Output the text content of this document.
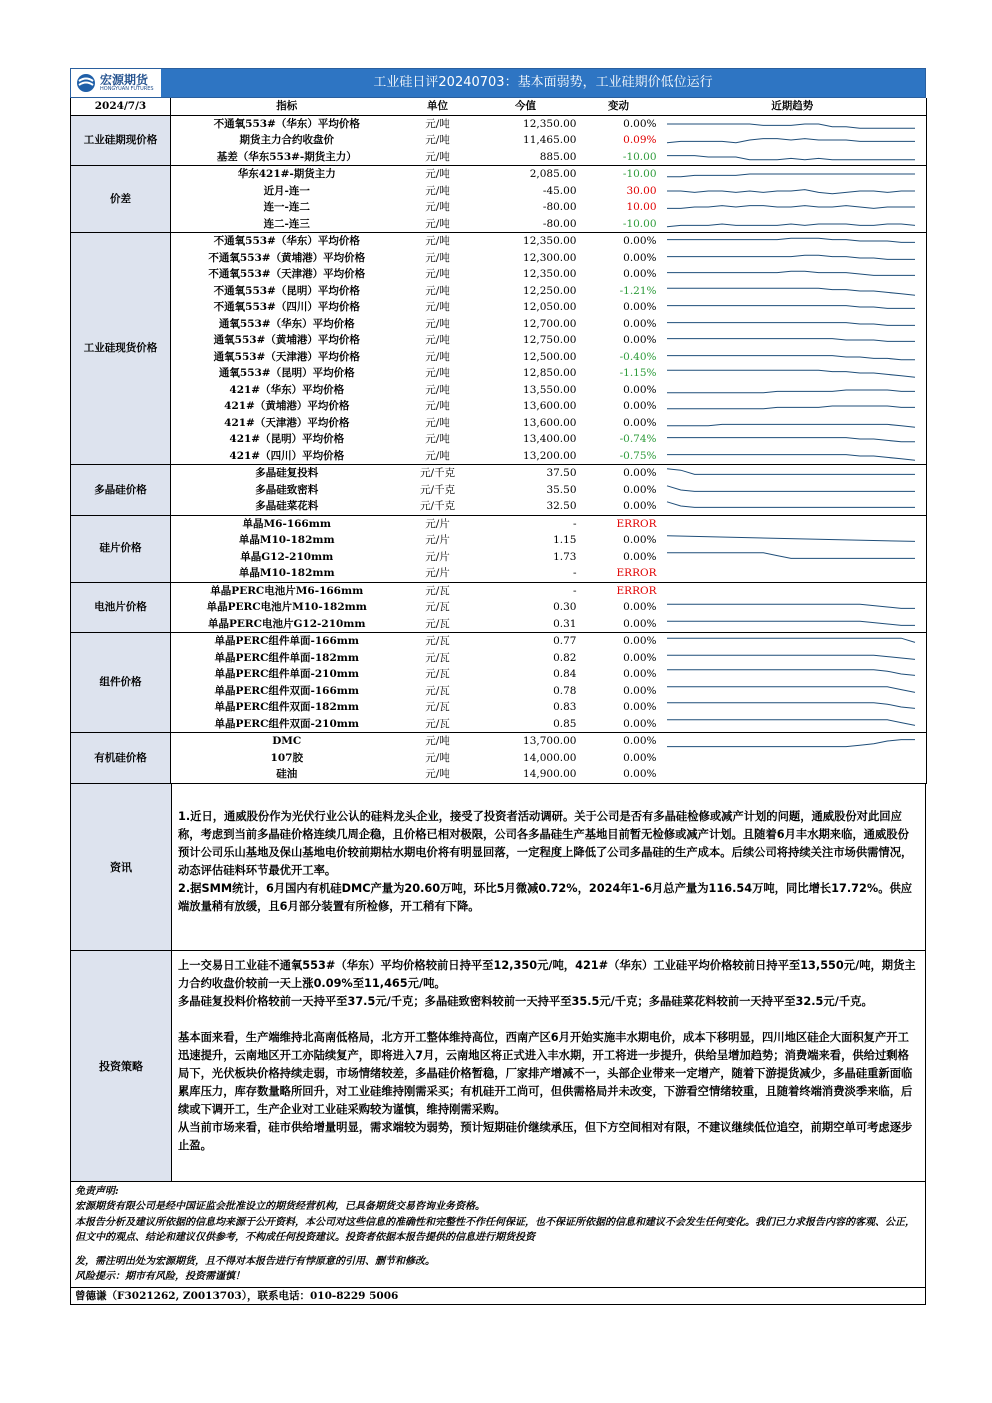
宏源期货
HONGYUAN FUTURES	工业硅日评20240703：基本面弱势，工业硅期价低位运行
2024/7/3	指标	单位	今值	变动	近期趋势
工业硅期现价格	不通氧553#（华东）平均价格	元/吨	12,350.00	0.00%	

	期货主力合约收盘价	元/吨	11,465.00	0.09%	

	基差（华东553#-期货主力）	元/吨	885.00	-10.00	

价差	华东421#-期货主力	元/吨	2,085.00	-10.00	

	近月-连一	元/吨	-45.00	30.00	

	连一-连二	元/吨	-80.00	10.00	

	连二-连三	元/吨	-80.00	-10.00	

工业硅现货价格	不通氧553#（华东）平均价格	元/吨	12,350.00	0.00%	

	不通氧553#（黄埔港）平均价格	元/吨	12,300.00	0.00%	

	不通氧553#（天津港）平均价格	元/吨	12,350.00	0.00%	

	不通氧553#（昆明）平均价格	元/吨	12,250.00	-1.21%	

	不通氧553#（四川）平均价格	元/吨	12,050.00	0.00%	

	通氧553#（华东）平均价格	元/吨	12,700.00	0.00%	

	通氧553#（黄埔港）平均价格	元/吨	12,750.00	0.00%	

	通氧553#（天津港）平均价格	元/吨	12,500.00	-0.40%	

	通氧553#（昆明）平均价格	元/吨	12,850.00	-1.15%	

	421#（华东）平均价格	元/吨	13,550.00	0.00%	

	421#（黄埔港）平均价格	元/吨	13,600.00	0.00%	

	421#（天津港）平均价格	元/吨	13,600.00	0.00%	

	421#（昆明）平均价格	元/吨	13,400.00	-0.74%	

	421#（四川）平均价格	元/吨	13,200.00	-0.75%	

多晶硅价格	多晶硅复投料	元/千克	37.50	0.00%	

	多晶硅致密料	元/千克	35.50	0.00%	

	多晶硅菜花料	元/千克	32.50	0.00%	

硅片价格	单晶M6-166mm	元/片	-	ERROR	

	单晶M10-182mm	元/片	1.15	0.00%	

	单晶G12-210mm	元/片	1.73	0.00%	

	单晶M10-182mm	元/片	-	ERROR	

电池片价格	单晶PERC电池片M6-166mm	元/瓦	-	ERROR	

	单晶PERC电池片M10-182mm	元/瓦	0.30	0.00%	

	单晶PERC电池片G12-210mm	元/瓦	0.31	0.00%	

组件价格	单晶PERC组件单面-166mm	元/瓦	0.77	0.00%	

	单晶PERC组件单面-182mm	元/瓦	0.82	0.00%	

	单晶PERC组件单面-210mm	元/瓦	0.84	0.00%	

	单晶PERC组件双面-166mm	元/瓦	0.78	0.00%	

	单晶PERC组件双面-182mm	元/瓦	0.83	0.00%	

	单晶PERC组件双面-210mm	元/瓦	0.85	0.00%	

有机硅价格	DMC	元/吨	13,700.00	0.00%	

	107胶	元/吨	14,000.00	0.00%	

	硅油	元/吨	14,900.00	0.00%	
资讯

1.近日，通威股份作为光伏行业公认的硅料龙头企业，接受了投资者活动调研。关于公司是否有多晶硅检修或减产计划的问题，通威股份对此回应称，考虑到当前多晶硅价格连续几周企稳，且价格已相对极限，公司各多晶硅生产基地目前暂无检修或减产计划。且随着6月丰水期来临，通威股份预计公司乐山基地及保山基地电价较前期枯水期电价将有明显回落，一定程度上降低了公司多晶硅的生产成本。后续公司将持续关注市场供需情况，动态评估硅料环节最优开工率。

2.据SMM统计，6月国内有机硅DMC产量为20.60万吨，环比5月微减0.72%，2024年1-6月总产量为116.54万吨，同比增长17.72%。供应端放量稍有放缓，且6月部分装置有所检修，开工稍有下降。

投资策略

上一交易日工业硅不通氧553#（华东）平均价格较前日持平至12,350元/吨，421#（华东）工业硅平均价格较前日持平至13,550元/吨，期货主力合约收盘价较前一天上涨0.09%至11,465元/吨。

多晶硅复投料价格较前一天持平至37.5元/千克；多晶硅致密料较前一天持平至35.5元/千克；多晶硅菜花料较前一天持平至32.5元/千克。

基本面来看，生产端维持北高南低格局，北方开工整体维持高位，西南产区6月开始实施丰水期电价，成本下移明显，四川地区硅企大面积复产开工迅速提升，云南地区开工亦陆续复产，即将进入7月，云南地区将正式进入丰水期，开工将进一步提升，供给呈增加趋势；消费端来看，供给过剩格局下，光伏板块价格持续走弱，市场情绪较差，多晶硅价格暂稳，厂家排产增减不一，头部企业带来一定增产，随着下游提货减少，多晶硅重新面临累库压力，库存数量略所回升，对工业硅维持刚需采买；有机硅开工尚可，但供需格局并未改变，下游看空情绪较重，且随着终端消费淡季来临，后续或下调开工，生产企业对工业硅采购较为谨慎，维持刚需采购。

从当前市场来看，硅市供给增量明显，需求端较为弱势，预计短期硅价继续承压，但下方空间相对有限，不建议继续低位追空，前期空单可考虑逐步止盈。

免责声明:
宏源期货有限公司是经中国证监会批准设立的期货经营机构，已具备期货交易咨询业务资格。
本报告分析及建议所依据的信息均来源于公开资料，本公司对这些信息的准确性和完整性不作任何保证，也不保证所依据的信息和建议不会发生任何变化。我们已力求报告内容的客观、公正，但文中的观点、结论和建议仅供参考，不构成任何投资建议。投资者依据本报告提供的信息进行期货投资
发，需注明出处为宏源期货，且不得对本报告进行有悖原意的引用、删节和修改。
风险提示：期市有风险，投资需谨慎！
曾德谦（F3021262, Z0013703），联系电话：010-8229 5006
